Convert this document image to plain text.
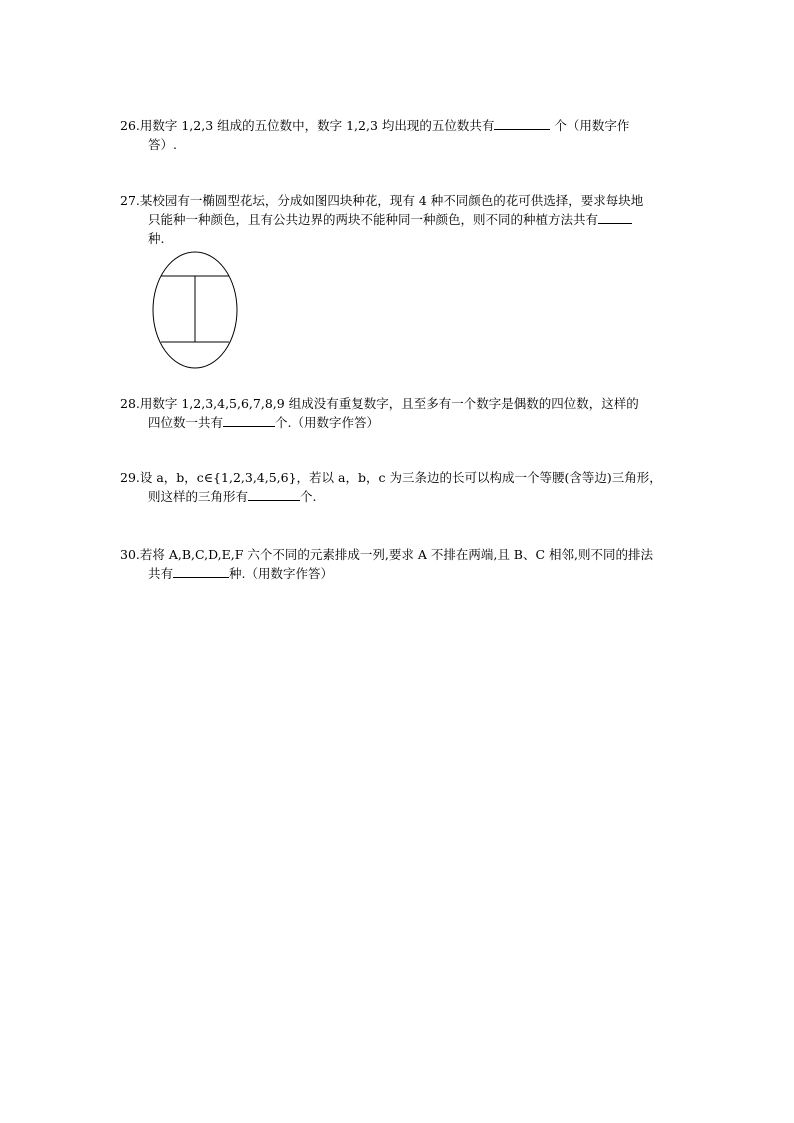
26.用数字 1,2,3 组成的五位数中，数字 1,2,3 均出现的五位数共有	个（用数字作
答）.
27.某校园有一椭圆型花坛，分成如图四块种花，现有 4 种不同颜色的花可供选择，要求每块地
只能种一种颜色，且有公共边界的两块不能种同一种颜色，则不同的种植方法共有
种.
28.用数字 1,2,3,4,5,6,7,8,9 组成没有重复数字，且至多有一个数字是偶数的四位数，这样的
四位数一共有	个.（用数字作答）
29.设 a，b，c∈{1,2,3,4,5,6}，若以 a，b，c 为三条边的长可以构成一个等腰(含等边)三角形，
则这样的三角形有	个.
30.若将 A,B,C,D,E,F 六个不同的元素排成一列,要求 A 不排在两端,且 B、C 相邻,则不同的排法
共有	种.（用数字作答）
